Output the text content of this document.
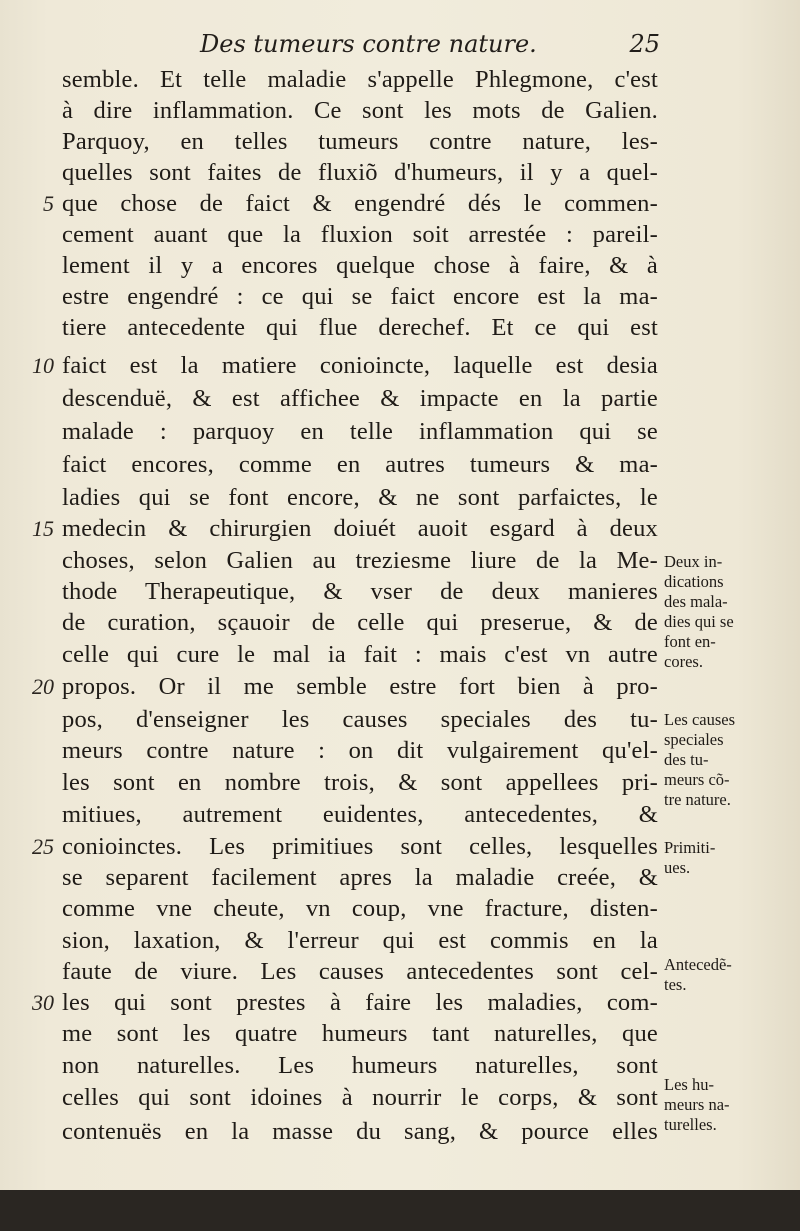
Des tumeurs contre nature.	25
semble. Et telle maladie s'appelle Phlegmone, c'est
à dire inflammation. Ce sont les mots de Galien.
Parquoy, en telles tumeurs contre nature, les-
quelles sont faites de fluxiõ d'humeurs, il y a quel-
que chose de faict & engendré dés le commen-
cement auant que la fluxion soit arrestée : pareil-
lement il y a encores quelque chose à faire, & à
estre engendré : ce qui se faict encore est la ma-
tiere antecedente qui flue derechef. Et ce qui est
faict est la matiere conioincte, laquelle est desia
descenduë, & est affichee & impacte en la partie
malade : parquoy en telle inflammation qui se
faict encores, comme en autres tumeurs & ma-
ladies qui se font encore, & ne sont parfaictes, le
medecin & chirurgien doiuét auoit esgard à deux
choses, selon Galien au treziesme liure de la Me-
thode Therapeutique, & vser de deux manieres
de curation, sçauoir de celle qui preserue, & de
celle qui cure le mal ia fait : mais c'est vn autre
propos. Or il me semble estre fort bien à pro-
pos, d'enseigner les causes speciales des tu-
meurs contre nature : on dit vulgairement qu'el-
les sont en nombre trois, & sont appellees pri-
mitiues, autrement euidentes, antecedentes, &
conioinctes. Les primitiues sont celles, lesquelles
se separent facilement apres la maladie creée, &
comme vne cheute, vn coup, vne fracture, disten-
sion, laxation, & l'erreur qui est commis en la
faute de viure. Les causes antecedentes sont cel-
les qui sont prestes à faire les maladies, com-
me sont les quatre humeurs tant naturelles, que
non naturelles. Les humeurs naturelles, sont
celles qui sont idoines à nourrir le corps, & sont
contenuës en la masse du sang, & pource elles
5
10
15
20
25
30
Deux in-
dications
des mala-
dies qui se
font en-
cores.
Les causes
speciales
des tu-
meurs cõ-
tre nature.
Primiti-
ues.
Antecedẽ-
tes.
Les hu-
meurs na-
turelles.
